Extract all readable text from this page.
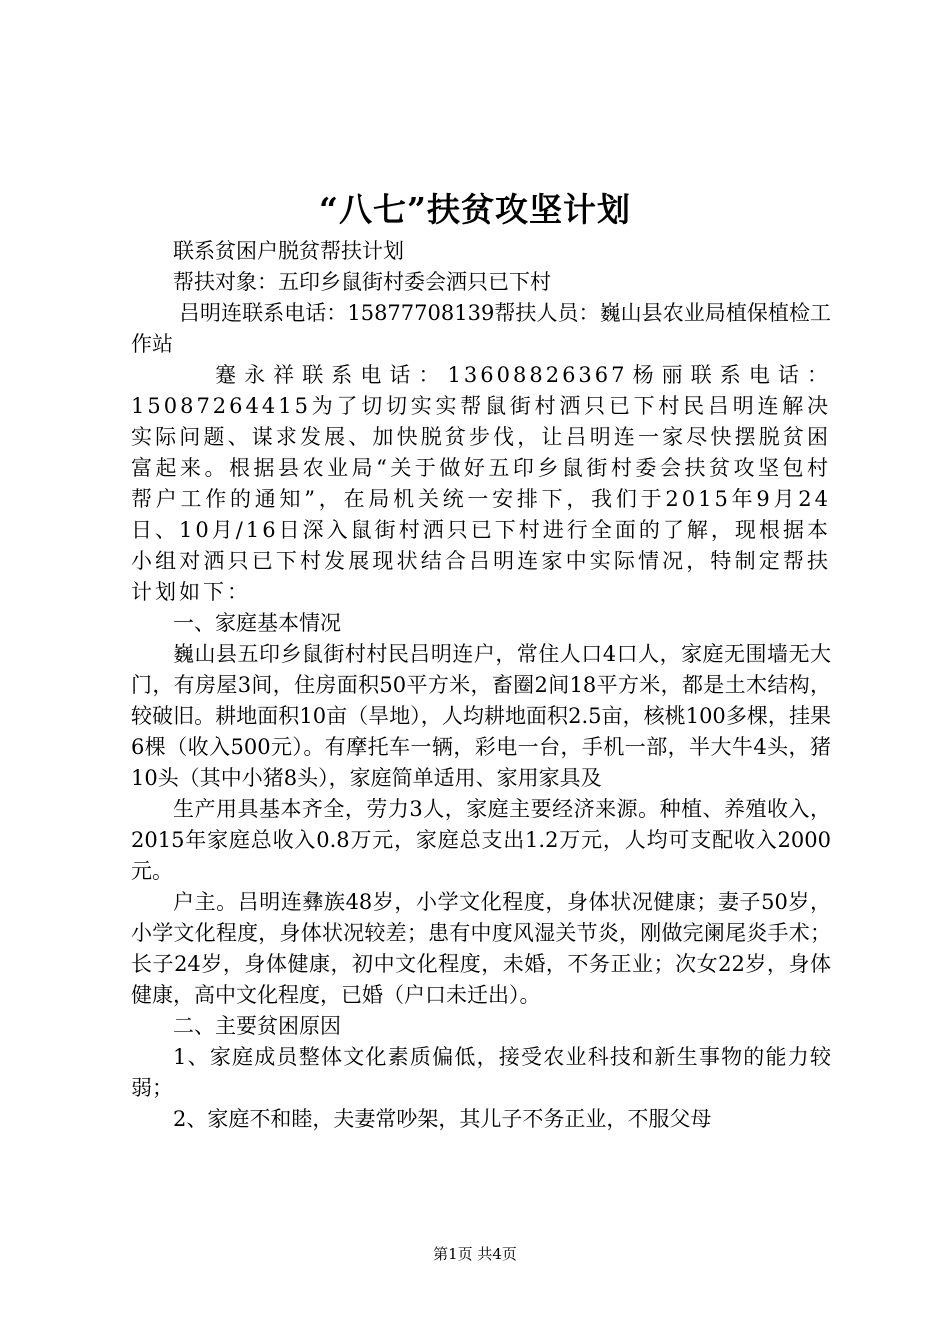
“八七”扶贫攻坚计划

联系贫困户脱贫帮扶计划

帮扶对象：五印乡鼠街村委会洒只已下村

吕明连联系电话：15877708139帮扶人员：巍山县农业局植保植检工作站

蹇永祥联系电话：13608826367杨丽联系电话：15087264415为了切切实实帮鼠街村洒只已下村民吕明连解决实际问题、谋求发展、加快脱贫步伐，让吕明连一家尽快摆脱贫困富起来。根据县农业局“关于做好五印乡鼠街村委会扶贫攻坚包村帮户工作的通知”，在局机关统一安排下，我们于2015年9月24日、10月/16日深入鼠街村洒只已下村进行全面的了解，现根据本小组对洒只已下村发展现状结合吕明连家中实际情况，特制定帮扶计划如下：

一、家庭基本情况

巍山县五印乡鼠街村村民吕明连户，常住人口4口人，家庭无围墙无大门，有房屋3间，住房面积50平方米，畜圈2间18平方米，都是土木结构，较破旧。耕地面积10亩（旱地），人均耕地面积2.5亩，核桃100多棵，挂果6棵（收入500元）。有摩托车一辆，彩电一台，手机一部，半大牛4头，猪10头（其中小猪8头），家庭简单适用、家用家具及

生产用具基本齐全，劳力3人，家庭主要经济来源。种植、养殖收入，2015年家庭总收入0.8万元，家庭总支出1.2万元，人均可支配收入2000元。

户主。吕明连彝族48岁，小学文化程度，身体状况健康；妻子50岁，小学文化程度，身体状况较差；患有中度风湿关节炎，刚做完阑尾炎手术；长子24岁，身体健康，初中文化程度，未婚，不务正业；次女22岁，身体健康，高中文化程度，已婚（户口未迁出）。

二、主要贫困原因

1、家庭成员整体文化素质偏低，接受农业科技和新生事物的能力较弱；

2、家庭不和睦，夫妻常吵架，其儿子不务正业，不服父母

第1页 共4页
